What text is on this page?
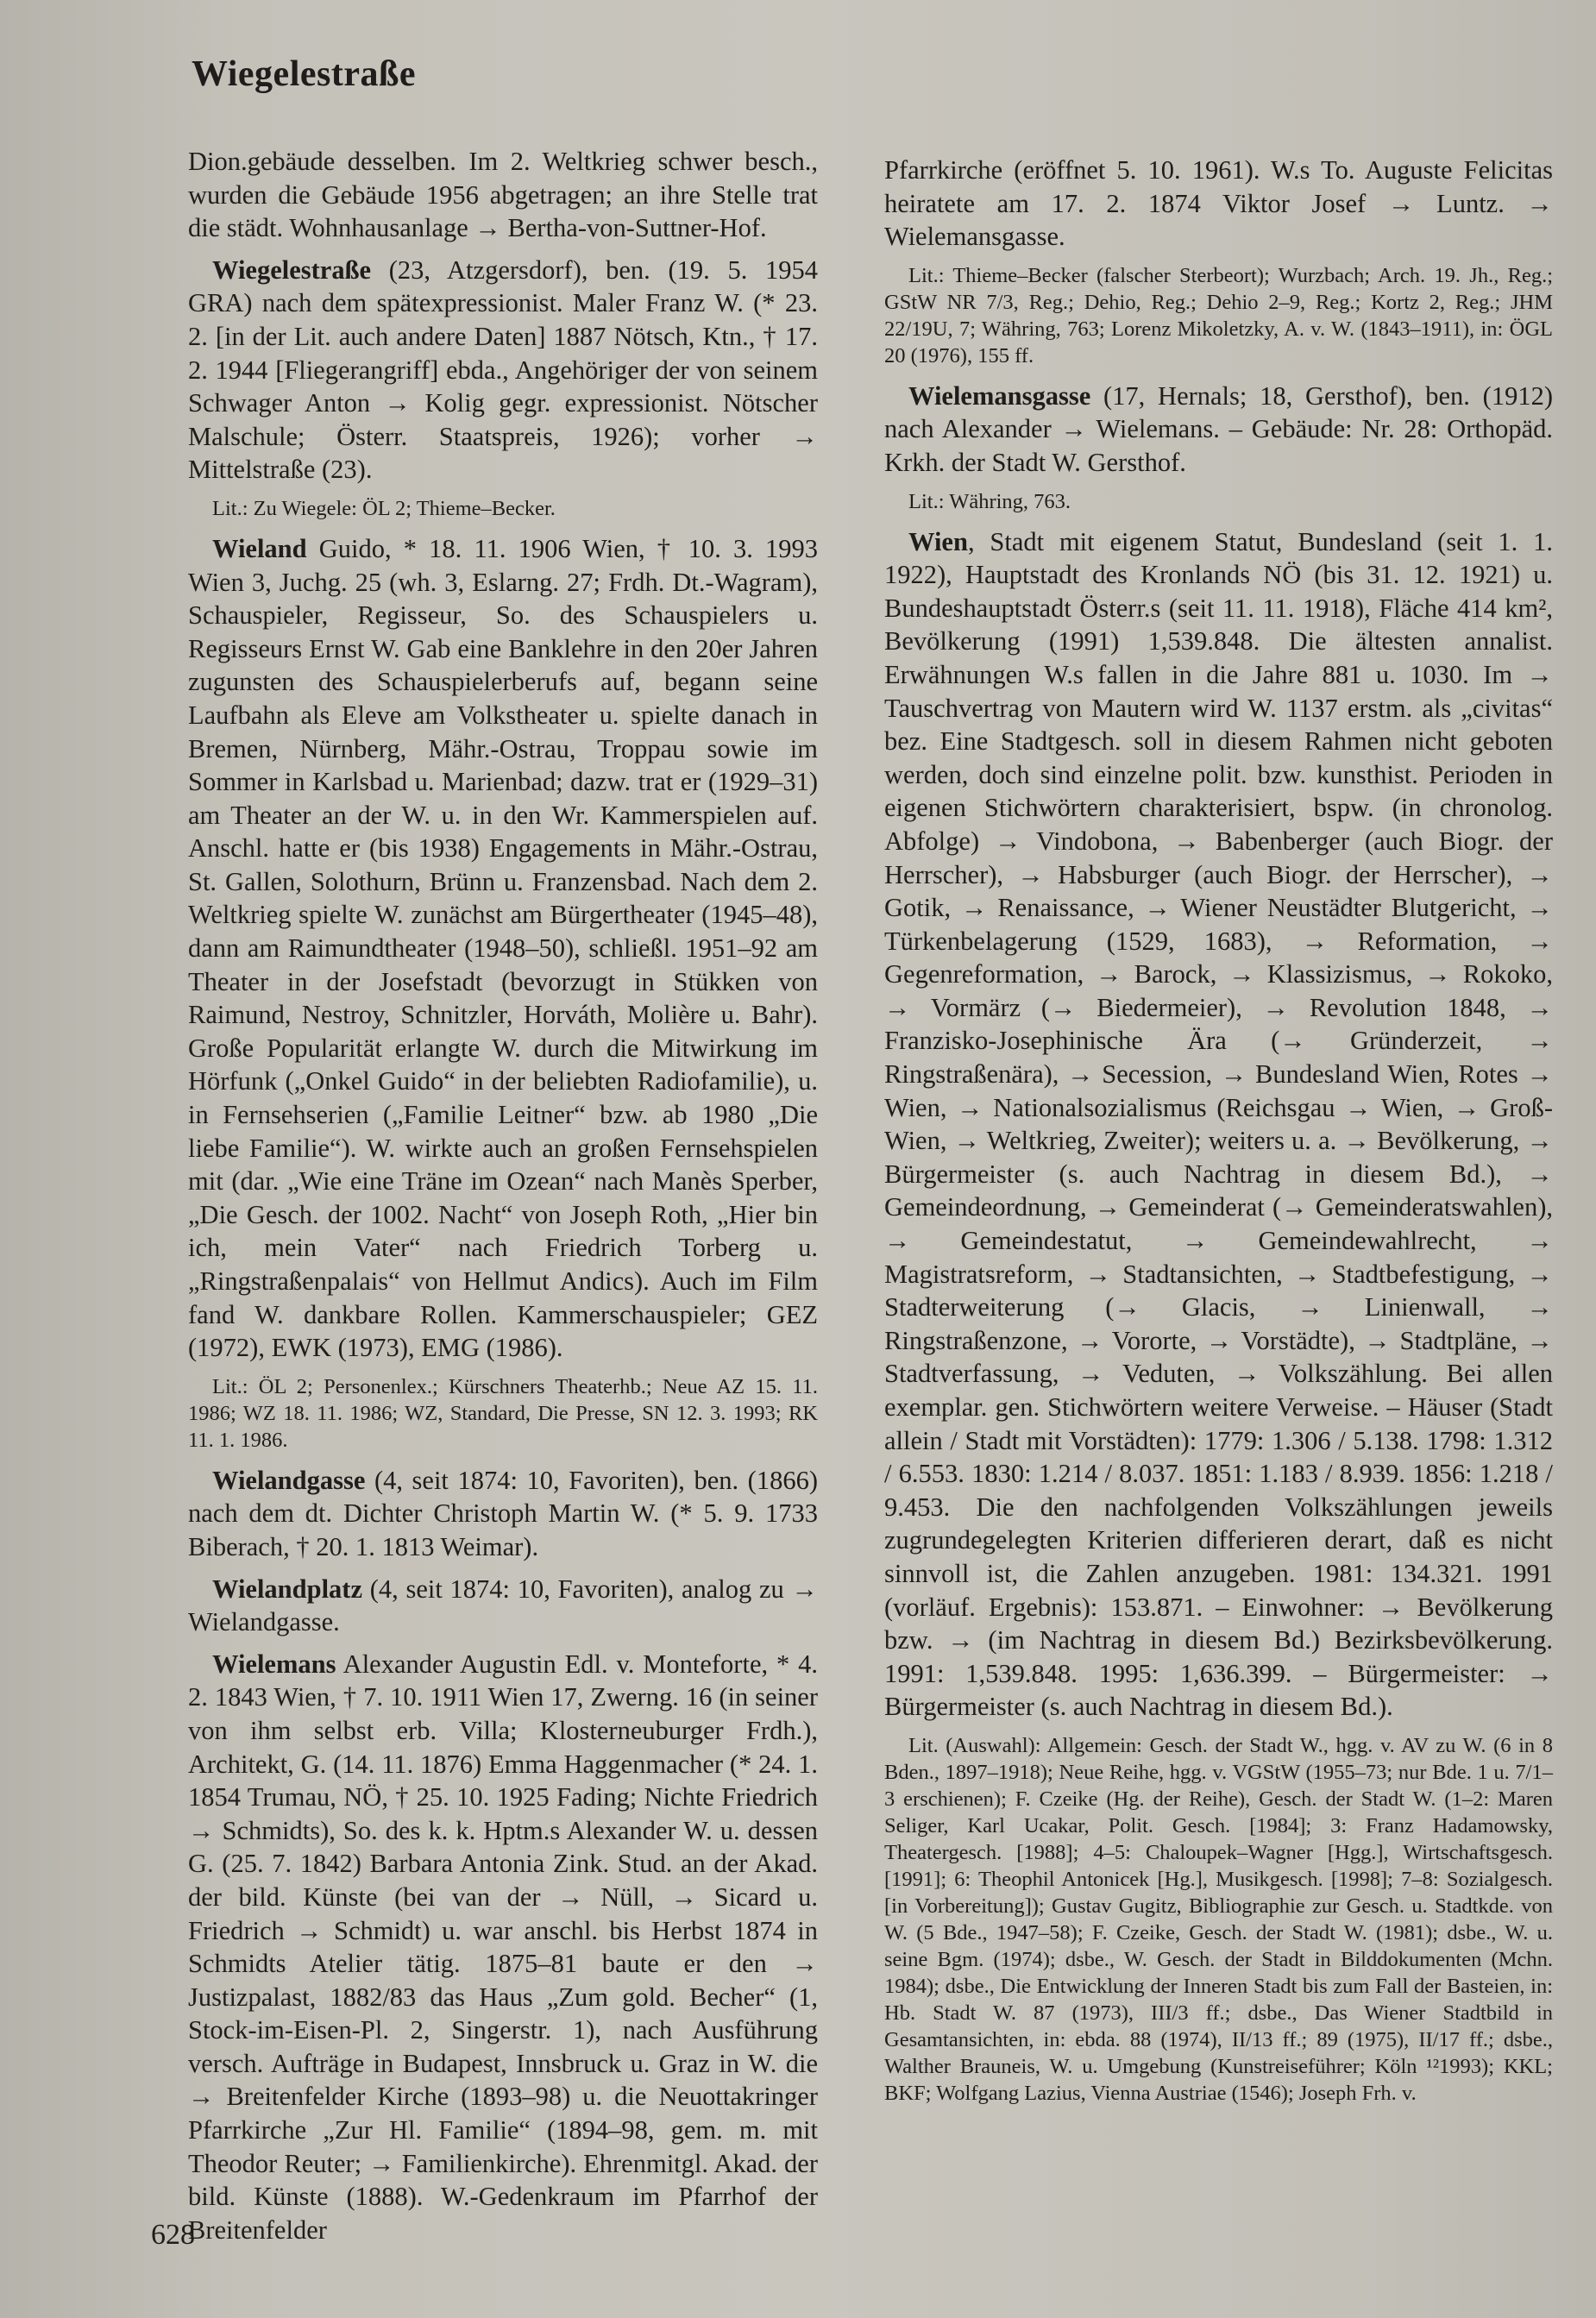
Wiegelestraße

Dion.gebäude desselben. Im 2. Weltkrieg schwer besch., wurden die Gebäude 1956 abgetragen; an ihre Stelle trat die städt. Wohnhausanlage → Bertha-von-Suttner-Hof.

Wiegelestraße (23, Atzgersdorf), ben. (19. 5. 1954 GRA) nach dem spätexpressionist. Maler Franz W. (* 23. 2. [in der Lit. auch andere Daten] 1887 Nötsch, Ktn., † 17. 2. 1944 [Fliegerangriff] ebda., Angehöriger der von seinem Schwager Anton → Kolig gegr. expressionist. Nötscher Malschule; Österr. Staatspreis, 1926); vorher → Mittelstraße (23).

Lit.: Zu Wiegele: ÖL 2; Thieme–Becker.

Wieland Guido, * 18. 11. 1906 Wien, † 10. 3. 1993 Wien 3, Juchg. 25 (wh. 3, Eslarng. 27; Frdh. Dt.-Wagram), Schauspieler, Regisseur, So. des Schauspielers u. Regisseurs Ernst W. Gab eine Banklehre in den 20er Jahren zugunsten des Schauspielerberufs auf, begann seine Laufbahn als Eleve am Volkstheater u. spielte danach in Bremen, Nürnberg, Mähr.-Ostrau, Troppau sowie im Sommer in Karlsbad u. Marienbad; dazw. trat er (1929–31) am Theater an der W. u. in den Wr. Kammerspielen auf. Anschl. hatte er (bis 1938) Engagements in Mähr.-Ostrau, St. Gallen, Solothurn, Brünn u. Franzensbad. Nach dem 2. Weltkrieg spielte W. zunächst am Bürgertheater (1945–48), dann am Raimundtheater (1948–50), schließl. 1951–92 am Theater in der Josefstadt (bevorzugt in Stükken von Raimund, Nestroy, Schnitzler, Horváth, Molière u. Bahr). Große Popularität erlangte W. durch die Mitwirkung im Hörfunk („Onkel Guido“ in der beliebten Radiofamilie), u. in Fernsehserien („Familie Leitner“ bzw. ab 1980 „Die liebe Familie“). W. wirkte auch an großen Fernsehspielen mit (dar. „Wie eine Träne im Ozean“ nach Manès Sperber, „Die Gesch. der 1002. Nacht“ von Joseph Roth, „Hier bin ich, mein Vater“ nach Friedrich Torberg u. „Ringstraßenpalais“ von Hellmut Andics). Auch im Film fand W. dankbare Rollen. Kammerschauspieler; GEZ (1972), EWK (1973), EMG (1986).

Lit.: ÖL 2; Personenlex.; Kürschners Theaterhb.; Neue AZ 15. 11. 1986; WZ 18. 11. 1986; WZ, Standard, Die Presse, SN 12. 3. 1993; RK 11. 1. 1986.

Wielandgasse (4, seit 1874: 10, Favoriten), ben. (1866) nach dem dt. Dichter Christoph Martin W. (* 5. 9. 1733 Biberach, † 20. 1. 1813 Weimar).

Wielandplatz (4, seit 1874: 10, Favoriten), analog zu → Wielandgasse.

Wielemans Alexander Augustin Edl. v. Monteforte, * 4. 2. 1843 Wien, † 7. 10. 1911 Wien 17, Zwerng. 16 (in seiner von ihm selbst erb. Villa; Klosterneuburger Frdh.), Architekt, G. (14. 11. 1876) Emma Haggenmacher (* 24. 1. 1854 Trumau, NÖ, † 25. 10. 1925 Fading; Nichte Friedrich → Schmidts), So. des k. k. Hptm.s Alexander W. u. dessen G. (25. 7. 1842) Barbara Antonia Zink. Stud. an der Akad. der bild. Künste (bei van der → Nüll, → Sicard u. Friedrich → Schmidt) u. war anschl. bis Herbst 1874 in Schmidts Atelier tätig. 1875–81 baute er den → Justizpalast, 1882/83 das Haus „Zum gold. Becher“ (1, Stock-im-Eisen-Pl. 2, Singerstr. 1), nach Ausführung versch. Aufträge in Budapest, Innsbruck u. Graz in W. die → Breitenfelder Kirche (1893–98) u. die Neuottakringer Pfarrkirche „Zur Hl. Familie“ (1894–98, gem. m. mit Theodor Reuter; → Familienkirche). Ehrenmitgl. Akad. der bild. Künste (1888). W.-Gedenkraum im Pfarrhof der Breitenfelder

Pfarrkirche (eröffnet 5. 10. 1961). W.s To. Auguste Felicitas heiratete am 17. 2. 1874 Viktor Josef → Luntz. → Wielemansgasse.

Lit.: Thieme–Becker (falscher Sterbeort); Wurzbach; Arch. 19. Jh., Reg.; GStW NR 7/3, Reg.; Dehio, Reg.; Dehio 2–9, Reg.; Kortz 2, Reg.; JHM 22/19U, 7; Währing, 763; Lorenz Mikoletzky, A. v. W. (1843–1911), in: ÖGL 20 (1976), 155 ff.

Wielemansgasse (17, Hernals; 18, Gersthof), ben. (1912) nach Alexander → Wielemans. – Gebäude: Nr. 28: Orthopäd. Krkh. der Stadt W. Gersthof.

Lit.: Währing, 763.

Wien, Stadt mit eigenem Statut, Bundesland (seit 1. 1. 1922), Hauptstadt des Kronlands NÖ (bis 31. 12. 1921) u. Bundeshauptstadt Österr.s (seit 11. 11. 1918), Fläche 414 km², Bevölkerung (1991) 1,539.848. Die ältesten annalist. Erwähnungen W.s fallen in die Jahre 881 u. 1030. Im → Tauschvertrag von Mautern wird W. 1137 erstm. als „civitas“ bez. Eine Stadtgesch. soll in diesem Rahmen nicht geboten werden, doch sind einzelne polit. bzw. kunsthist. Perioden in eigenen Stichwörtern charakterisiert, bspw. (in chronolog. Abfolge) → Vindobona, → Babenberger (auch Biogr. der Herrscher), → Habsburger (auch Biogr. der Herrscher), → Gotik, → Renaissance, → Wiener Neustädter Blutgericht, → Türkenbelagerung (1529, 1683), → Reformation, → Gegenreformation, → Barock, → Klassizismus, → Rokoko, → Vormärz (→ Biedermeier), → Revolution 1848, → Franzisko-Josephinische Ära (→ Gründerzeit, → Ringstraßenära), → Secession, → Bundesland Wien, Rotes → Wien, → Nationalsozialismus (Reichsgau → Wien, → Groß-Wien, → Weltkrieg, Zweiter); weiters u. a. → Bevölkerung, → Bürgermeister (s. auch Nachtrag in diesem Bd.), → Gemeindeordnung, → Gemeinderat (→ Gemeinderatswahlen), → Gemeindestatut, → Gemeindewahlrecht, → Magistratsreform, → Stadtansichten, → Stadtbefestigung, → Stadterweiterung (→ Glacis, → Linienwall, → Ringstraßenzone, → Vororte, → Vorstädte), → Stadtpläne, → Stadtverfassung, → Veduten, → Volkszählung. Bei allen exemplar. gen. Stichwörtern weitere Verweise. – Häuser (Stadt allein / Stadt mit Vorstädten): 1779: 1.306 / 5.138. 1798: 1.312 / 6.553. 1830: 1.214 / 8.037. 1851: 1.183 / 8.939. 1856: 1.218 / 9.453. Die den nachfolgenden Volkszählungen jeweils zugrundegelegten Kriterien differieren derart, daß es nicht sinnvoll ist, die Zahlen anzugeben. 1981: 134.321. 1991 (vorläuf. Ergebnis): 153.871. – Einwohner: → Bevölkerung bzw. → (im Nachtrag in diesem Bd.) Bezirksbevölkerung. 1991: 1,539.848. 1995: 1,636.399. – Bürgermeister: → Bürgermeister (s. auch Nachtrag in diesem Bd.).

Lit. (Auswahl): Allgemein: Gesch. der Stadt W., hgg. v. AV zu W. (6 in 8 Bden., 1897–1918); Neue Reihe, hgg. v. VGStW (1955–73; nur Bde. 1 u. 7/1–3 erschienen); F. Czeike (Hg. der Reihe), Gesch. der Stadt W. (1–2: Maren Seliger, Karl Ucakar, Polit. Gesch. [1984]; 3: Franz Hadamowsky, Theatergesch. [1988]; 4–5: Chaloupek–Wagner [Hgg.], Wirtschaftsgesch. [1991]; 6: Theophil Antonicek [Hg.], Musikgesch. [1998]; 7–8: Sozialgesch. [in Vorbereitung]); Gustav Gugitz, Bibliographie zur Gesch. u. Stadtkde. von W. (5 Bde., 1947–58); F. Czeike, Gesch. der Stadt W. (1981); dsbe., W. u. seine Bgm. (1974); dsbe., W. Gesch. der Stadt in Bilddokumenten (Mchn. 1984); dsbe., Die Entwicklung der Inneren Stadt bis zum Fall der Basteien, in: Hb. Stadt W. 87 (1973), III/3 ff.; dsbe., Das Wiener Stadtbild in Gesamtansichten, in: ebda. 88 (1974), II/13 ff.; 89 (1975), II/17 ff.; dsbe., Walther Brauneis, W. u. Umgebung (Kunstreiseführer; Köln ¹²1993); KKL; BKF; Wolfgang Lazius, Vienna Austriae (1546); Joseph Frh. v.

628
